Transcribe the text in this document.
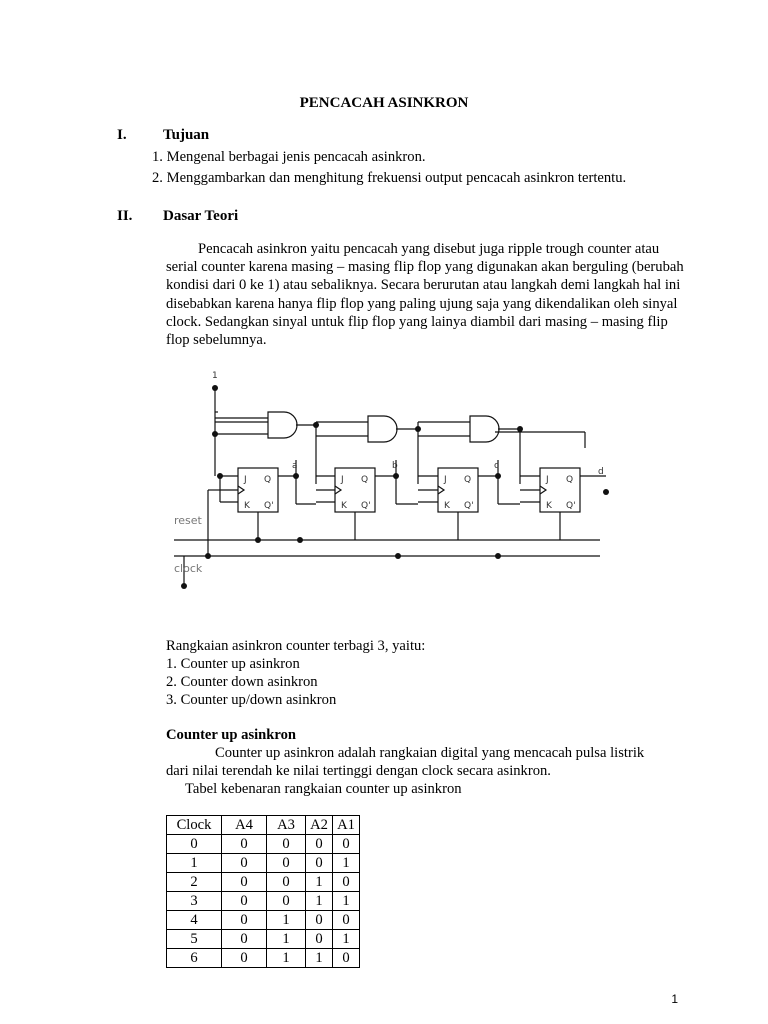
PENCACAH ASINKRON
I. Tujuan
1. Mengenal berbagai jenis pencacah asinkron.
2. Menggambarkan dan menghitung frekuensi output pencacah asinkron tertentu.
II. Dasar Teori
Pencacah asinkron yaitu pencacah yang disebut juga ripple trough counter atau serial counter karena masing – masing flip flop yang digunakan akan berguling (berubah kondisi dari 0 ke 1) atau sebaliknya. Secara berurutan atau langkah demi langkah hal ini disebabkan karena hanya flip flop yang paling ujung saja yang dikendalikan oleh sinyal clock. Sedangkan sinyal untuk flip flop yang lainya diambil dari masing – masing flip flop sebelumnya.
1
reset
clock
a	b	c
d
J
K
Q
Q'
J
K
Q
Q'
J
K
Q
Q'
J
K
Q
Q'
Rangkaian asinkron counter terbagi 3, yaitu:
1. Counter up asinkron
2. Counter down asinkron
3. Counter up/down asinkron
Counter up asinkron
Counter up asinkron adalah rangkaian digital yang mencacah pulsa listrik
dari nilai terendah ke nilai tertinggi dengan clock secara asinkron.
Tabel kebenaran rangkaian counter up asinkron
Clock	A4	A3	A2	A1
0	0	0	0	0
1	0	0	0	1
2	0	0	1	0
3	0	0	1	1
4	0	1	0	0
5	0	1	0	1
6	0	1	1	0
1
